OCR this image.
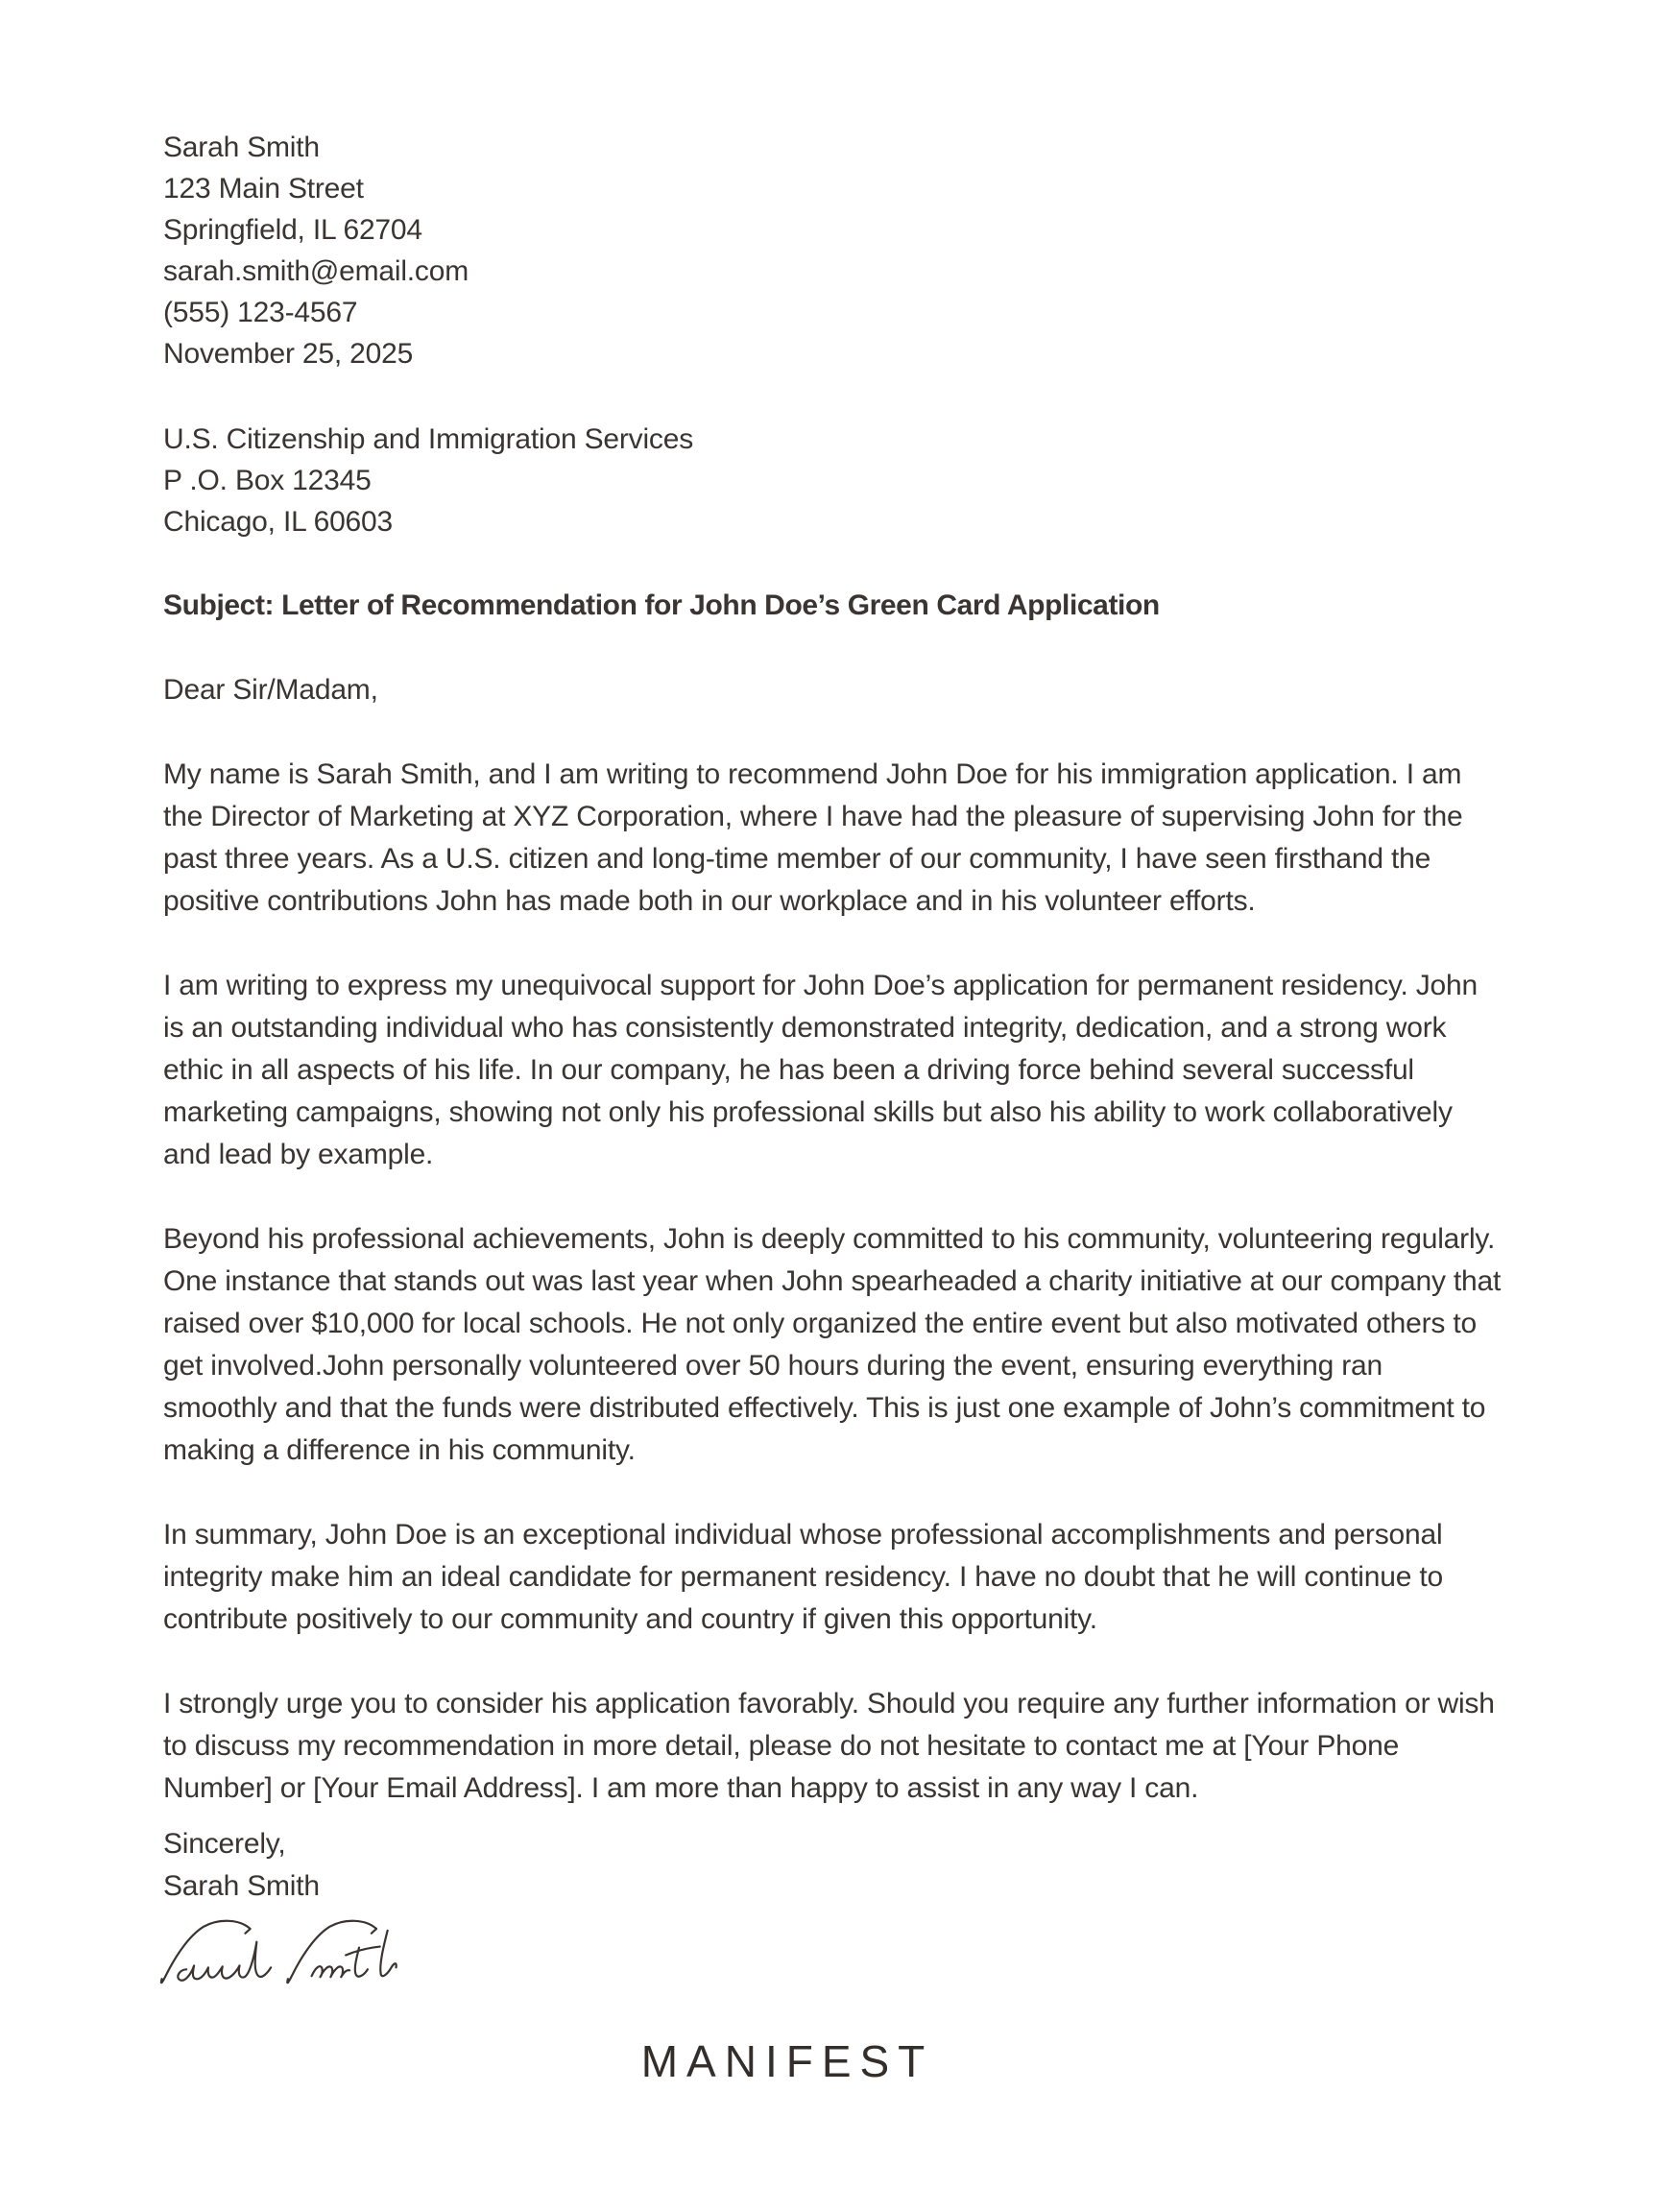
Sarah Smith
123 Main Street
Springfield, IL 62704
sarah.smith@email.com
(555) 123-4567
November 25, 2025
U.S. Citizenship and Immigration Services
P .O. Box 12345
Chicago, IL 60603
Subject: Letter of Recommendation for John Doe’s Green Card Application
Dear Sir/Madam,

My name is Sarah Smith, and I am writing to recommend John Doe for his immigration application. I am the Director of Marketing at XYZ Corporation, where I have had the pleasure of supervising John for the past three years. As a U.S. citizen and long-time member of our community, I have seen firsthand the positive contributions John has made both in our workplace and in his volunteer efforts.

I am writing to express my unequivocal support for John Doe’s application for permanent residency. John is an outstanding individual who has consistently demonstrated integrity, dedication, and a strong work ethic in all aspects of his life. In our company, he has been a driving force behind several successful marketing campaigns, showing not only his professional skills but also his ability to work collaboratively and lead by example.

Beyond his professional achievements, John is deeply committed to his community, volunteering regularly. One instance that stands out was last year when John spearheaded a charity initiative at our company that raised over $10,000 for local schools. He not only organized the entire event but also motivated others to get involved.John personally volunteered over 50 hours during the event, ensuring everything ran smoothly and that the funds were distributed effectively. This is just one example of John’s commitment to making a difference in his community.

In summary, John Doe is an exceptional individual whose professional accomplishments and personal integrity make him an ideal candidate for permanent residency. I have no doubt that he will continue to contribute positively to our community and country if given this opportunity.

I strongly urge you to consider his application favorably. Should you require any further information or wish to discuss my recommendation in more detail, please do not hesitate to contact me at [Your Phone Number] or [Your Email Address]. I am more than happy to assist in any way I can.

Sincerely,
Sarah Smith
MANIFEST
